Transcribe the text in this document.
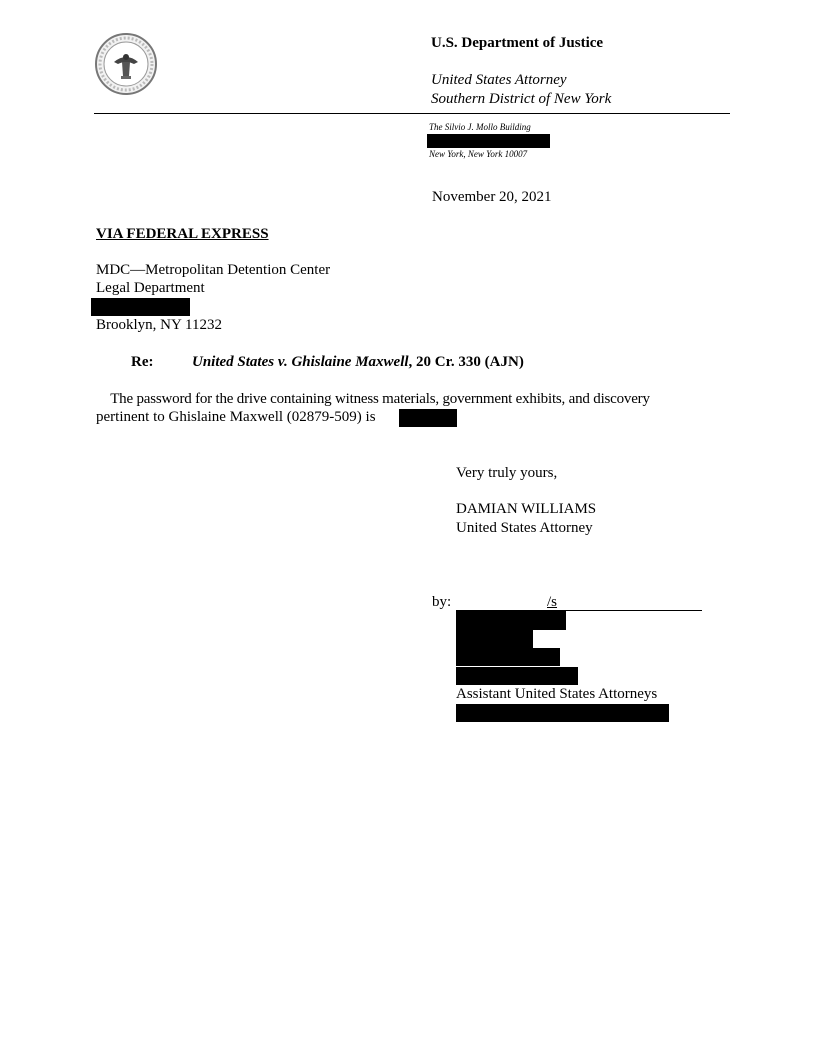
U.S. Department of Justice
United States Attorney
Southern District of New York
The Silvio J. Mollo Building
New York, New York 10007
November 20, 2021
VIA FEDERAL EXPRESS
MDC—Metropolitan Detention Center
Legal Department
Brooklyn, NY 11232
Re:	United States v. Ghislaine Maxwell, 20 Cr. 330 (AJN)
The password for the drive containing witness materials, government exhibits, and discovery
pertinent to Ghislaine Maxwell (02879-509) is
Very truly yours,
DAMIAN WILLIAMS
United States Attorney
by:	/s
Assistant United States Attorneys
